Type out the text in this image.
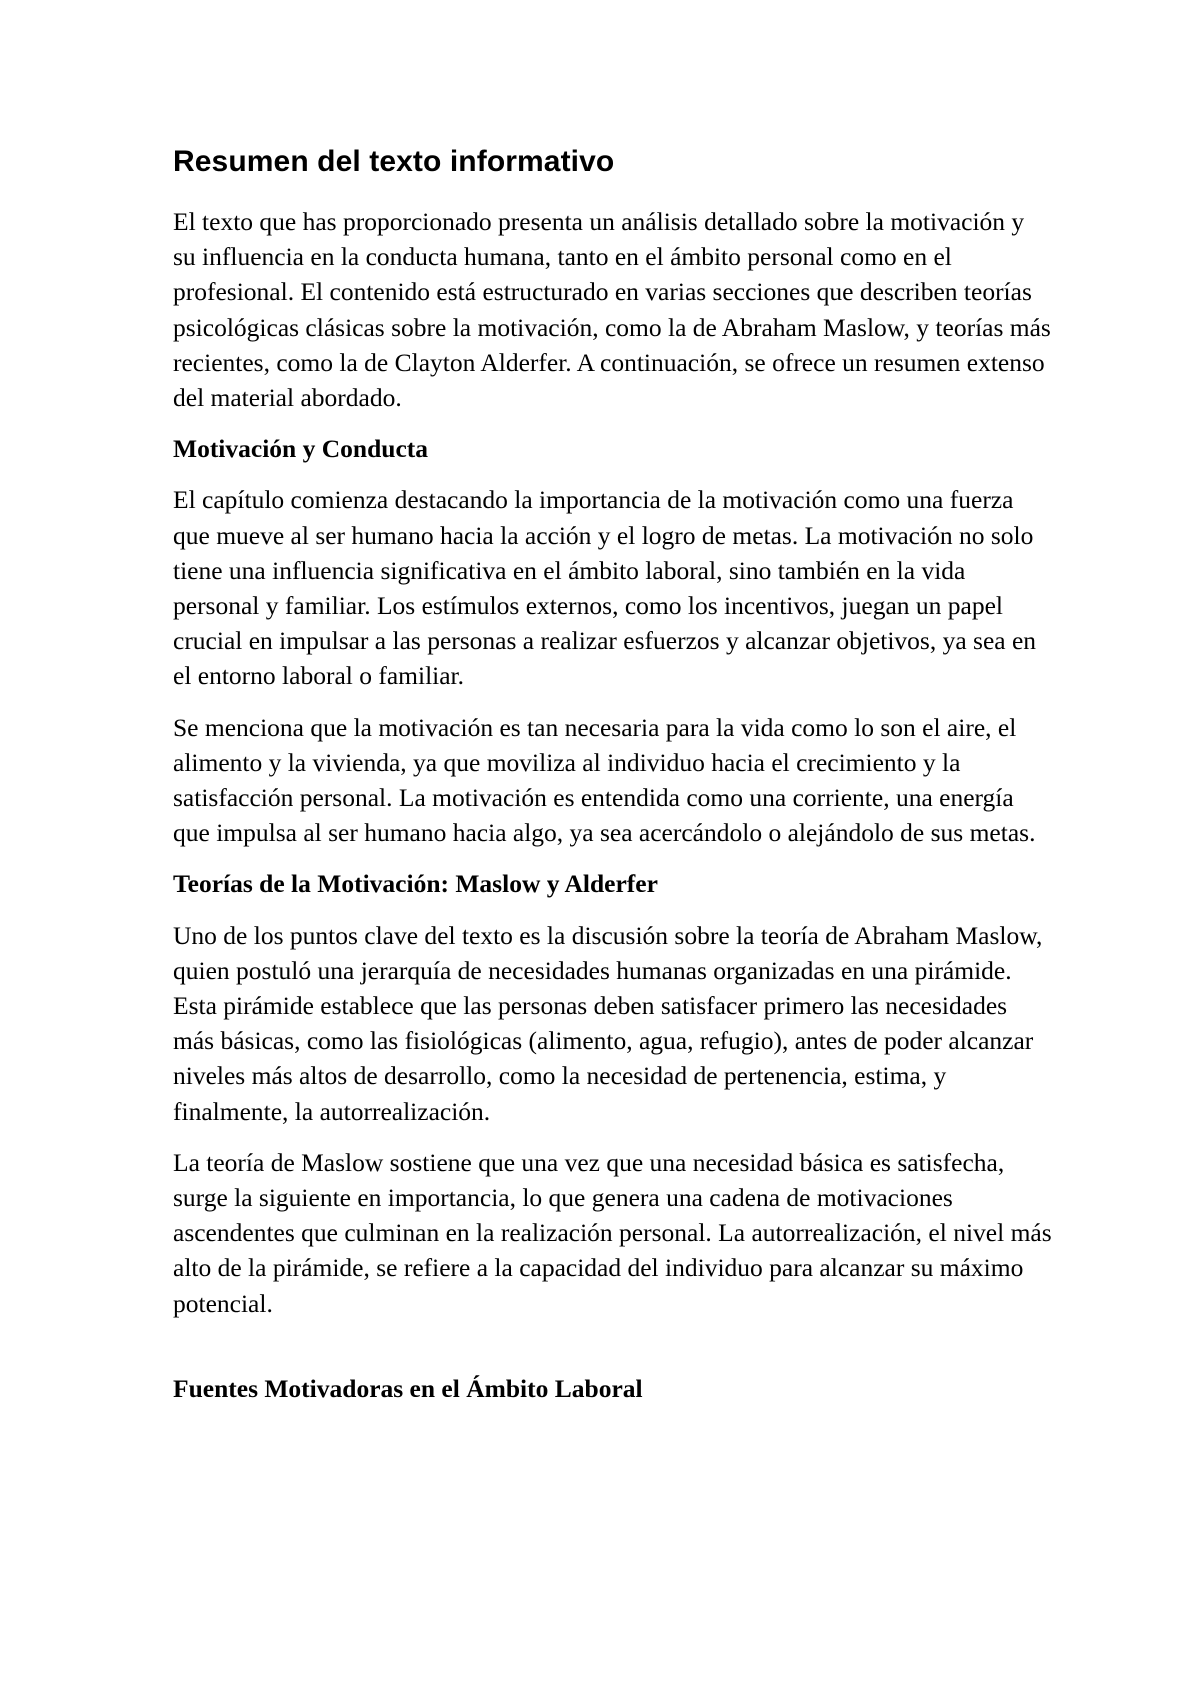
Resumen del texto informativo

El texto que has proporcionado presenta un análisis detallado sobre la motivación y su influencia en la conducta humana, tanto en el ámbito personal como en el profesional. El contenido está estructurado en varias secciones que describen teorías psicológicas clásicas sobre la motivación, como la de Abraham Maslow, y teorías más recientes, como la de Clayton Alderfer. A continuación, se ofrece un resumen extenso del material abordado.

Motivación y Conducta

El capítulo comienza destacando la importancia de la motivación como una fuerza que mueve al ser humano hacia la acción y el logro de metas. La motivación no solo tiene una influencia significativa en el ámbito laboral, sino también en la vida personal y familiar. Los estímulos externos, como los incentivos, juegan un papel crucial en impulsar a las personas a realizar esfuerzos y alcanzar objetivos, ya sea en el entorno laboral o familiar.

Se menciona que la motivación es tan necesaria para la vida como lo son el aire, el alimento y la vivienda, ya que moviliza al individuo hacia el crecimiento y la satisfacción personal. La motivación es entendida como una corriente, una energía que impulsa al ser humano hacia algo, ya sea acercándolo o alejándolo de sus metas.

Teorías de la Motivación: Maslow y Alderfer

Uno de los puntos clave del texto es la discusión sobre la teoría de Abraham Maslow, quien postuló una jerarquía de necesidades humanas organizadas en una pirámide. Esta pirámide establece que las personas deben satisfacer primero las necesidades más básicas, como las fisiológicas (alimento, agua, refugio), antes de poder alcanzar niveles más altos de desarrollo, como la necesidad de pertenencia, estima, y finalmente, la autorrealización.

La teoría de Maslow sostiene que una vez que una necesidad básica es satisfecha, surge la siguiente en importancia, lo que genera una cadena de motivaciones ascendentes que culminan en la realización personal. La autorrealización, el nivel más alto de la pirámide, se refiere a la capacidad del individuo para alcanzar su máximo potencial.

Fuentes Motivadoras en el Ámbito Laboral
